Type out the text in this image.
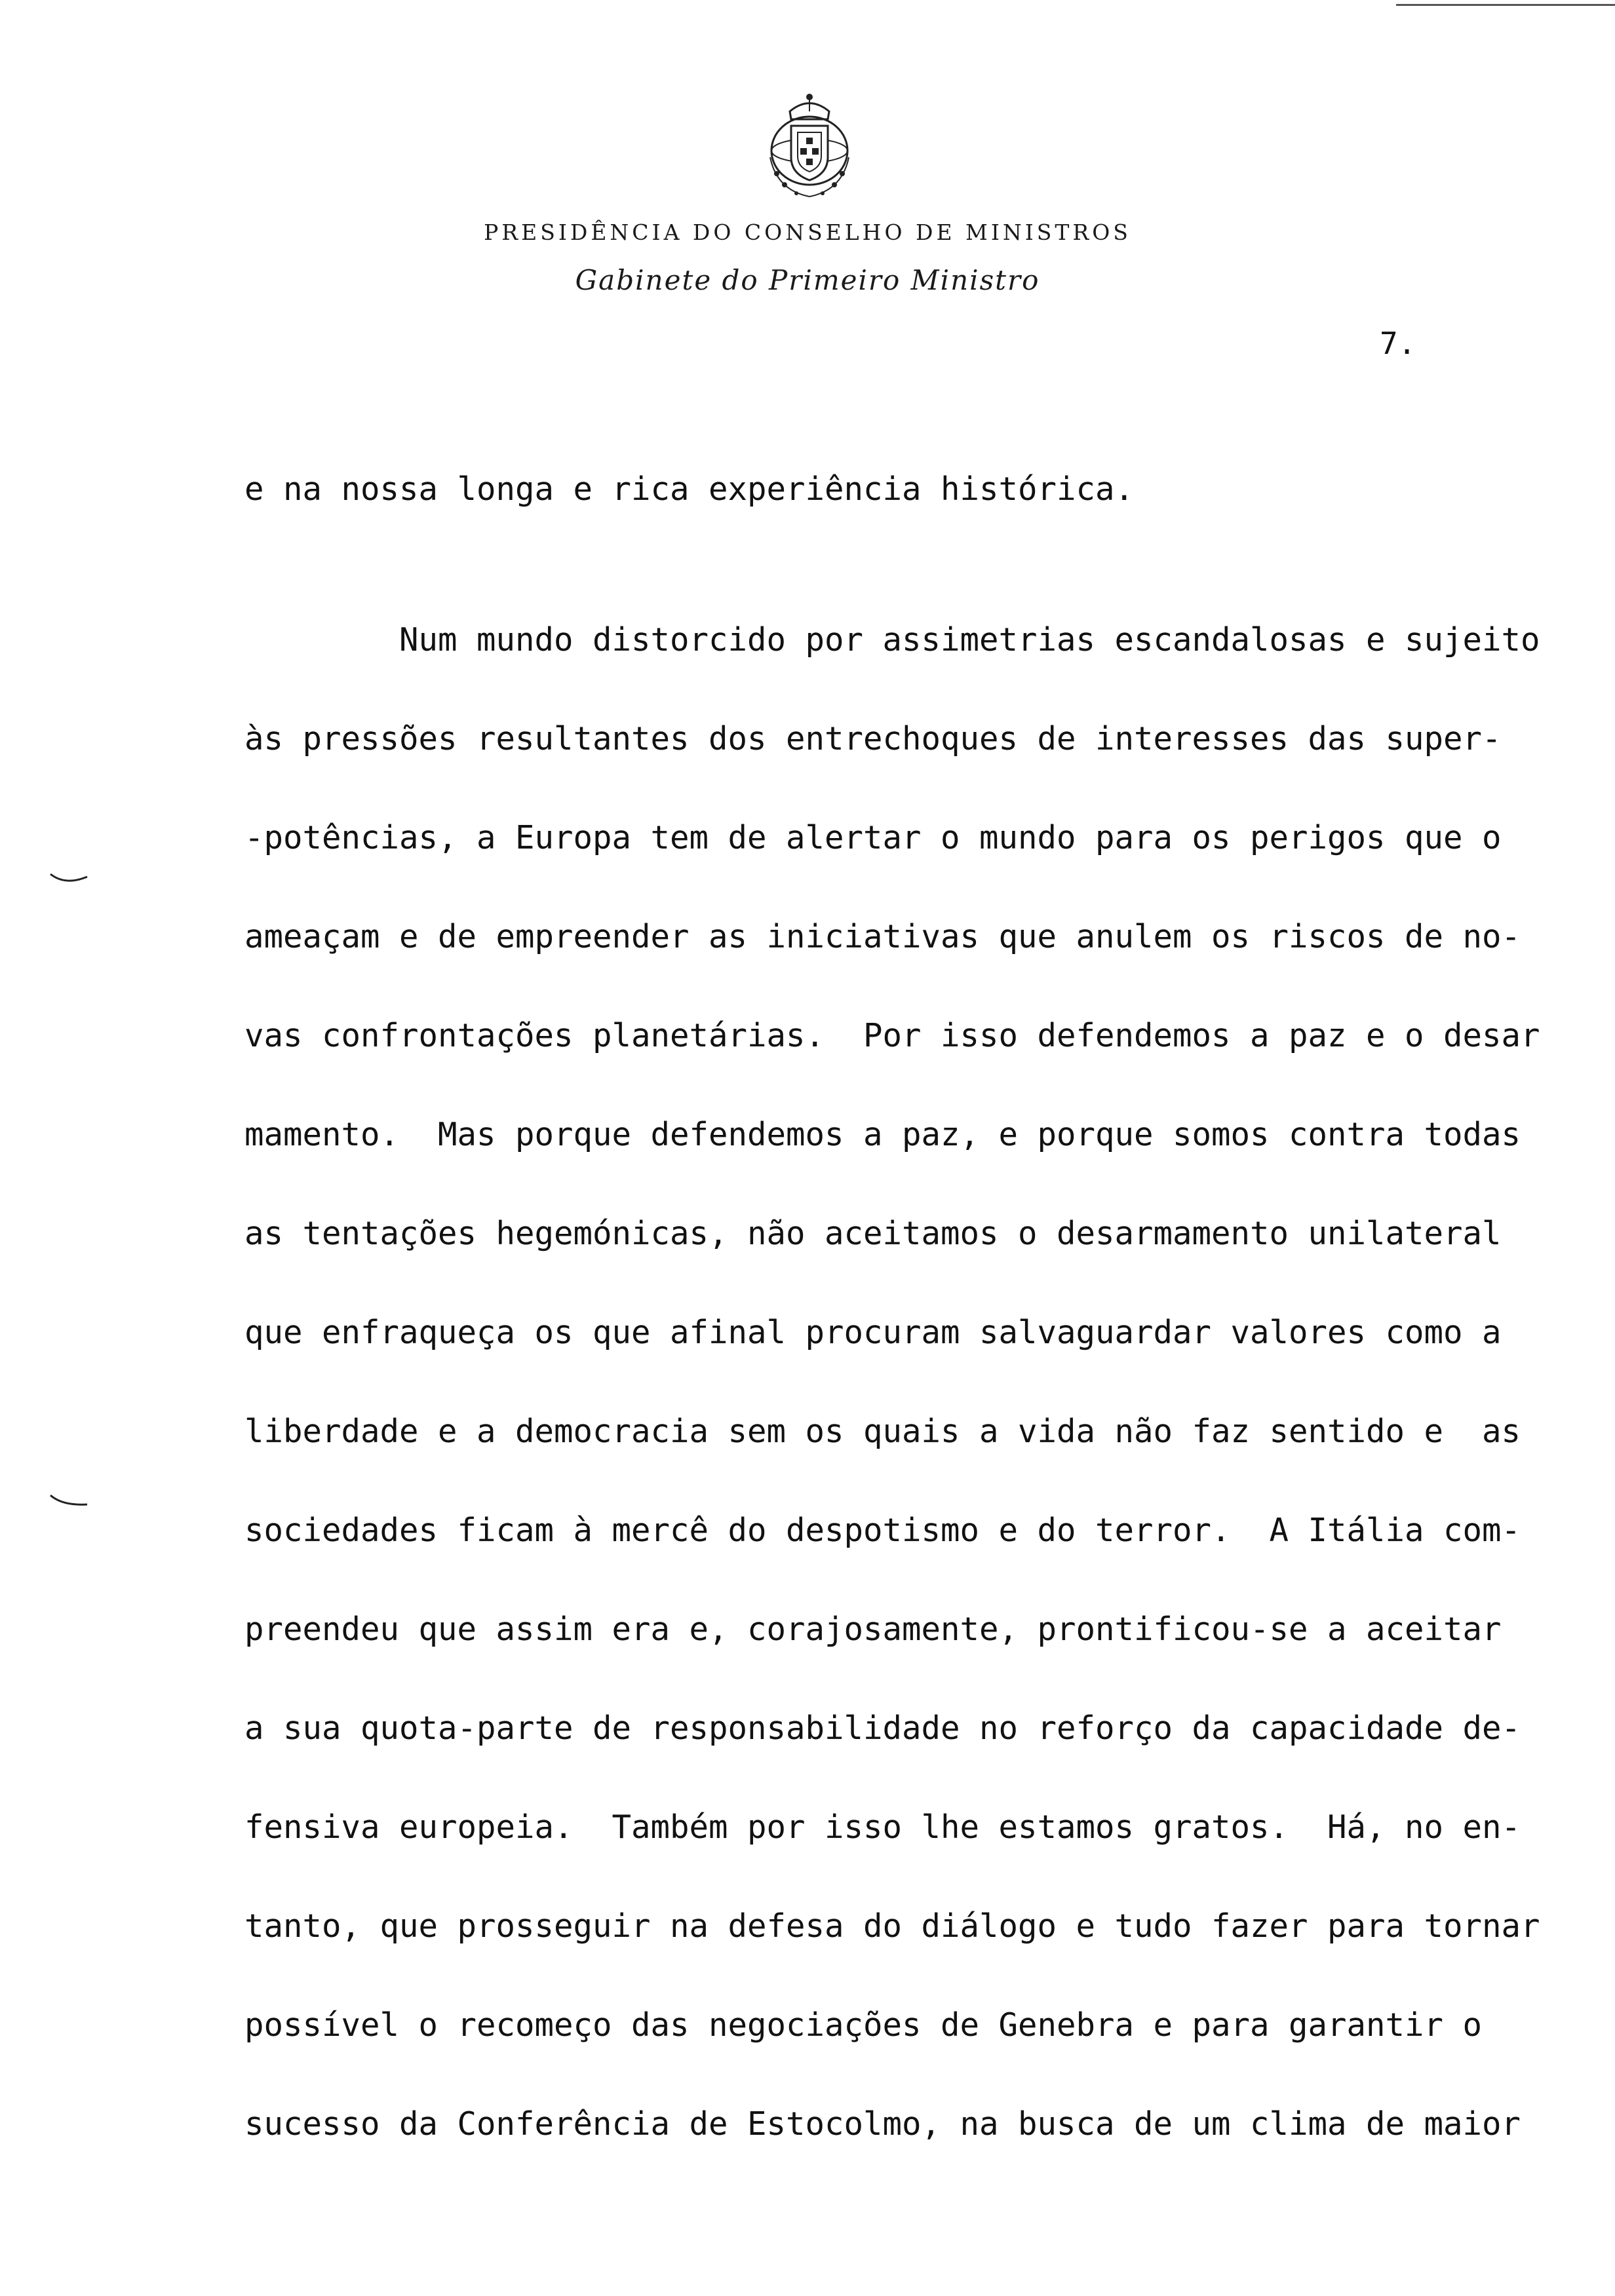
PRESIDÊNCIA DO CONSELHO DE MINISTROS
Gabinete do Primeiro Ministro
7.
e na nossa longa e rica experiência histórica.
Num mundo distorcido por assimetrias escandalosas e sujeito
às pressões resultantes dos entrechoques de interesses das super-
-potências, a Europa tem de alertar o mundo para os perigos que o
ameaçam e de empreender as iniciativas que anulem os riscos de no-
vas confrontações planetárias.  Por isso defendemos a paz e o desar
mamento.  Mas porque defendemos a paz, e porque somos contra todas
as tentações hegemónicas, não aceitamos o desarmamento unilateral
que enfraqueça os que afinal procuram salvaguardar valores como a
liberdade e a democracia sem os quais a vida não faz sentido e  as
sociedades ficam à mercê do despotismo e do terror.  A Itália com-
preendeu que assim era e, corajosamente, prontificou-se a aceitar
a sua quota-parte de responsabilidade no reforço da capacidade de-
fensiva europeia.  Também por isso lhe estamos gratos.  Há, no en-
tanto, que prosseguir na defesa do diálogo e tudo fazer para tornar
possível o recomeço das negociações de Genebra e para garantir o
sucesso da Conferência de Estocolmo, na busca de um clima de maior
